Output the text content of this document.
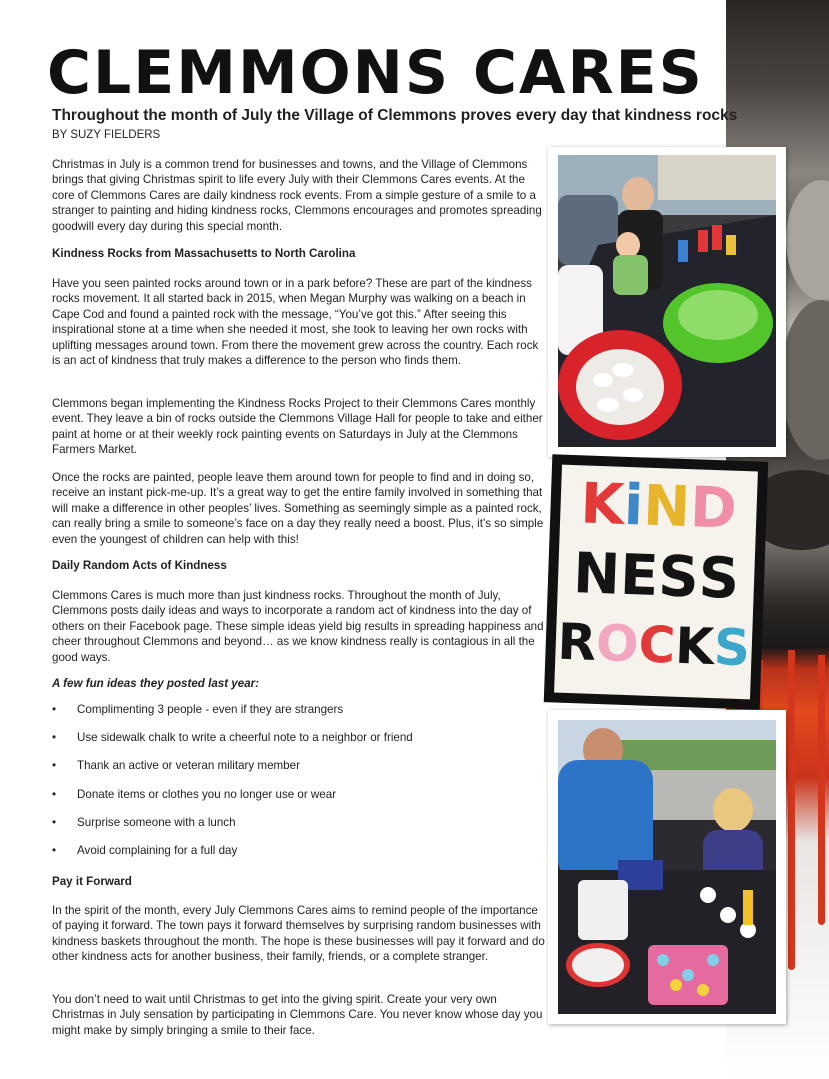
CLEMMONS CARES

Throughout the month of July the Village of Clemmons proves every day that kindness rocks

BY SUZY FIELDERS

Christmas in July is a common trend for businesses and towns, and the Village of Clemmons brings that giving Christmas spirit to life every July with their Clemmons Cares events. At the core of Clemmons Cares are daily kindness rock events. From a simple gesture of a smile to a stranger to painting and hiding kindness rocks, Clemmons encourages and promotes spreading goodwill every day during this special month.

Kindness Rocks from Massachusetts to North Carolina

Have you seen painted rocks around town or in a park before? These are part of the kindness rocks movement. It all started back in 2015, when Megan Murphy was walking on a beach in Cape Cod and found a painted rock with the message, “You’ve got this.” After seeing this inspirational stone at a time when she needed it most, she took to leaving her own rocks with uplifting messages around town. From there the movement grew across the country. Each rock is an act of kindness that truly makes a difference to the person who finds them.

Clemmons began implementing the Kindness Rocks Project to their Clemmons Cares monthly event. They leave a bin of rocks outside the Clemmons Village Hall for people to take and either paint at home or at their weekly rock painting events on Saturdays in July at the Clemmons Farmers Market.

Once the rocks are painted, people leave them around town for people to find and in doing so, receive an instant pick-me-up. It’s a great way to get the entire family involved in something that will make a difference in other peoples’ lives. Something as seemingly simple as a painted rock, can really bring a smile to someone’s face on a day they really need a boost. Plus, it’s so simple even the youngest of children can help with this!

Daily Random Acts of Kindness

Clemmons Cares is much more than just kindness rocks. Throughout the month of July, Clemmons posts daily ideas and ways to incorporate a random act of kindness into the day of others on their Facebook page. These simple ideas yield big results in spreading happiness and cheer throughout Clemmons and beyond… as we know kindness really is contagious in all the good ways.

A few fun ideas they posted last year:

• Complimenting 3 people - even if they are strangers
• Use sidewalk chalk to write a cheerful note to a neighbor or friend
• Thank an active or veteran military member
• Donate items or clothes you no longer use or wear
• Surprise someone with a lunch
• Avoid complaining for a full day

Pay it Forward

In the spirit of the month, every July Clemmons Cares aims to remind people of the importance of paying it forward. The town pays it forward themselves by surprising random businesses with kindness baskets throughout the month. The hope is these businesses will pay it forward and do other kindness acts for another business, their family, friends, or a complete stranger.

You don’t need to wait until Christmas to get into the giving spirit. Create your very own Christmas in July sensation by participating in Clemmons Care. You never know whose day you might make by simply bringing a smile to their face.

KiND
NESS
ROCKS
